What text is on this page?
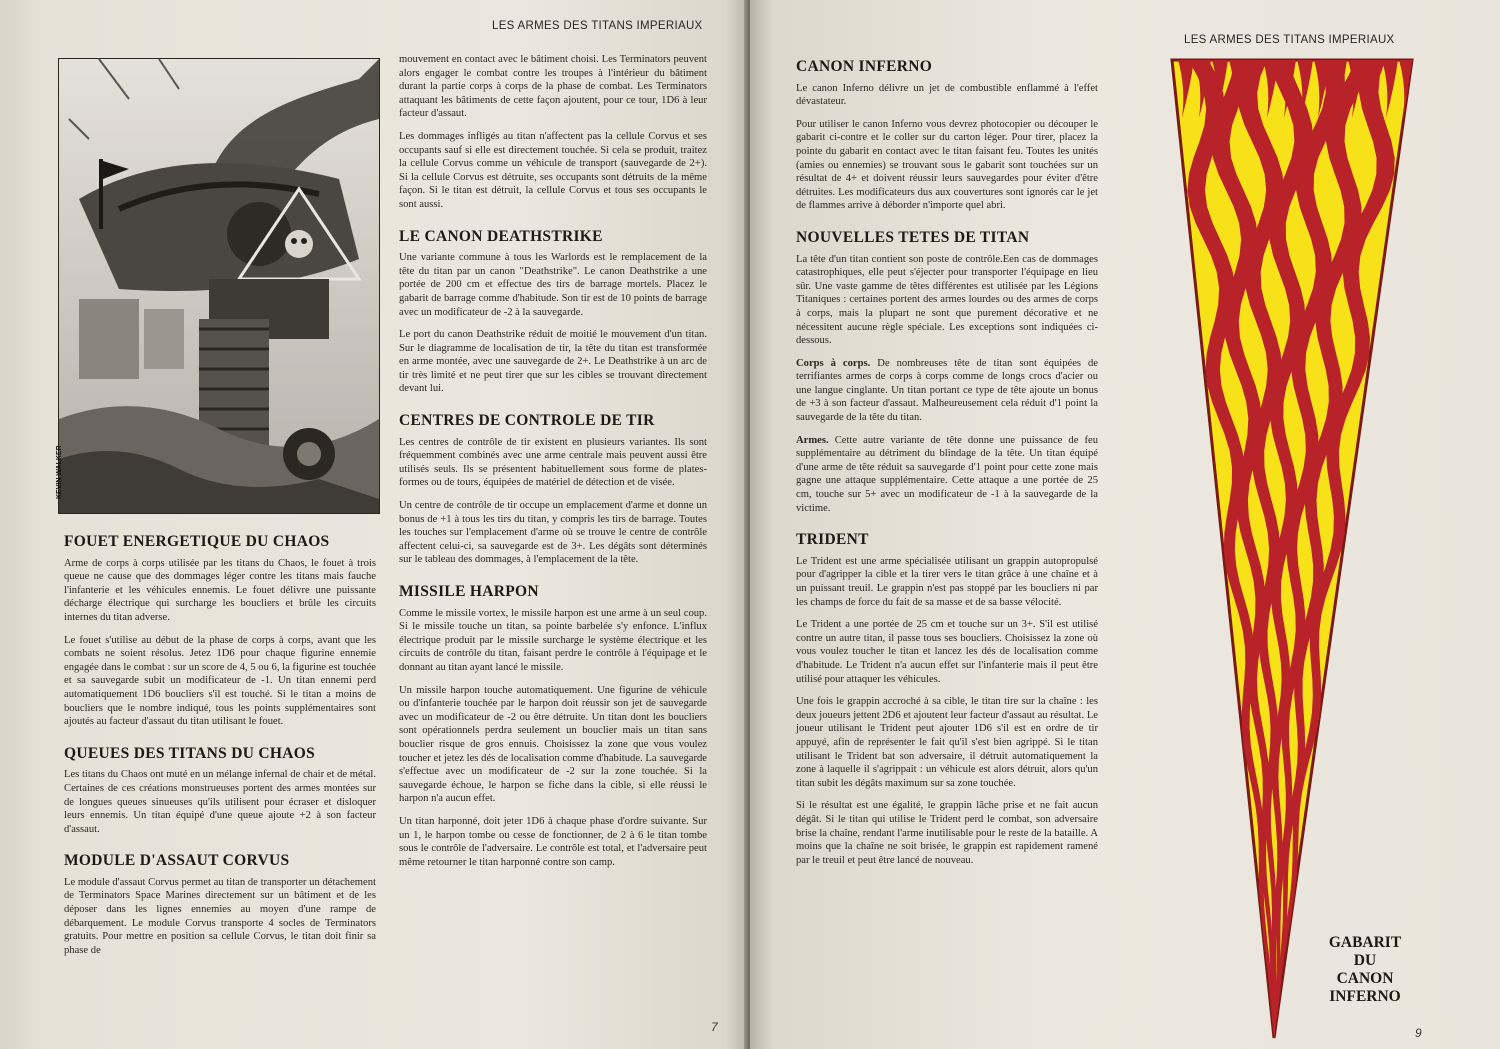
LES ARMES DES TITANS IMPERIAUX
KEVIN WALKER
FOUET ENERGETIQUE DU CHAOS

Arme de corps à corps utilisée par les titans du Chaos, le fouet à trois queue ne cause que des dommages léger contre les titans mais fauche l'infanterie et les véhicules ennemis. Le fouet délivre une puissante décharge électrique qui surcharge les boucliers et brûle les circuits internes du titan adverse.

Le fouet s'utilise au début de la phase de corps à corps, avant que les combats ne soient résolus. Jetez 1D6 pour chaque figurine ennemie engagée dans le combat : sur un score de 4, 5 ou 6, la figurine est touchée et sa sauvegarde subit un modificateur de -1. Un titan ennemi perd automatiquement 1D6 boucliers s'il est touché. Si le titan a moins de boucliers que le nombre indiqué, tous les points supplémentaires sont ajoutés au facteur d'assaut du titan utilisant le fouet.

QUEUES DES TITANS DU CHAOS

Les titans du Chaos ont muté en un mélange infernal de chair et de métal. Certaines de ces créations monstrueuses portent des armes montées sur de longues queues sinueuses qu'ils utilisent pour écraser et disloquer leurs ennemis. Un titan équipé d'une queue ajoute +2 à son facteur d'assaut.

MODULE D'ASSAUT CORVUS

Le module d'assaut Corvus permet au titan de transporter un détachement de Terminators Space Marines directement sur un bâtiment et de les déposer dans les lignes ennemies au moyen d'une rampe de débarquement. Le module Corvus transporte 4 socles de Terminators gratuits. Pour mettre en position sa cellule Corvus, le titan doit finir sa phase de

mouvement en contact avec le bâtiment choisi. Les Terminators peuvent alors engager le combat contre les troupes à l'intérieur du bâtiment durant la partie corps à corps de la phase de combat. Les Terminators attaquant les bâtiments de cette façon ajoutent, pour ce tour, 1D6 à leur facteur d'assaut.

Les dommages infligés au titan n'affectent pas la cellule Corvus et ses occupants sauf si elle est directement touchée. Si cela se produit, traitez la cellule Corvus comme un véhicule de transport (sauvegarde de 2+). Si la cellule Corvus est détruite, ses occupants sont détruits de la même façon. Si le titan est détruit, la cellule Corvus et tous ses occupants le sont aussi.

LE CANON DEATHSTRIKE

Une variante commune à tous les Warlords est le remplacement de la tête du titan par un canon "Deathstrike". Le canon Deathstrike a une portée de 200 cm et effectue des tirs de barrage mortels. Placez le gabarit de barrage comme d'habitude. Son tir est de 10 points de barrage avec un modificateur de -2 à la sauvegarde.

Le port du canon Deathstrike réduit de moitié le mouvement d'un titan. Sur le diagramme de localisation de tir, la tête du titan est transformée en arme montée, avec une sauvegarde de 2+. Le Deathstrike à un arc de tir très limité et ne peut tirer que sur les cibles se trouvant directement devant lui.

CENTRES DE CONTROLE DE TIR

Les centres de contrôle de tir existent en plusieurs variantes. Ils sont fréquemment combinés avec une arme centrale mais peuvent aussi être utilisés seuls. Ils se présentent habituellement sous forme de plates-formes ou de tours, équipées de matériel de détection et de visée.

Un centre de contrôle de tir occupe un emplacement d'arme et donne un bonus de +1 à tous les tirs du titan, y compris les tirs de barrage. Toutes les touches sur l'emplacement d'arme où se trouve le centre de contrôle affectent celui-ci, sa sauvegarde est de 3+. Les dégâts sont déterminés sur le tableau des dommages, à l'emplacement de la tête.

MISSILE HARPON

Comme le missile vortex, le missile harpon est une arme à un seul coup. Si le missile touche un titan, sa pointe barbelée s'y enfonce. L'influx électrique produit par le missile surcharge le système électrique et les circuits de contrôle du titan, faisant perdre le contrôle à l'équipage et le donnant au titan ayant lancé le missile.

Un missile harpon touche automatiquement. Une figurine de véhicule ou d'infanterie touchée par le harpon doit réussir son jet de sauvegarde avec un modificateur de -2 ou être détruite. Un titan dont les boucliers sont opérationnels perdra seulement un bouclier mais un titan sans bouclier risque de gros ennuis. Choisissez la zone que vous voulez toucher et jetez les dés de localisation comme d'habitude. La sauvegarde s'effectue avec un modificateur de -2 sur la zone touchée. Si la sauvegarde échoue, le harpon se fiche dans la cible, si elle réussi le harpon n'a aucun effet.

Un titan harponné, doit jeter 1D6 à chaque phase d'ordre suivante. Sur un 1, le harpon tombe ou cesse de fonctionner, de 2 à 6 le titan tombe sous le contrôle de l'adversaire. Le contrôle est total, et l'adversaire peut même retourner le titan harponné contre son camp.

7
LES ARMES DES TITANS IMPERIAUX
CANON INFERNO

Le canon Inferno délivre un jet de combustible enflammé à l'effet dévastateur.

Pour utiliser le canon Inferno vous devrez photocopier ou découper le gabarit ci-contre et le coller sur du carton léger. Pour tirer, placez la pointe du gabarit en contact avec le titan faisant feu. Toutes les unités (amies ou ennemies) se trouvant sous le gabarit sont touchées sur un résultat de 4+ et doivent réussir leurs sauvegardes pour éviter d'être détruites. Les modificateurs dus aux couvertures sont ignorés car le jet de flammes arrive à déborder n'importe quel abri.

NOUVELLES TETES DE TITAN

La tête d'un titan contient son poste de contrôle.Een cas de dommages catastrophiques, elle peut s'éjecter pour transporter l'équipage en lieu sûr. Une vaste gamme de têtes différentes est utilisée par les Légions Titaniques : certaines portent des armes lourdes ou des armes de corps à corps, mais la plupart ne sont que purement décorative et ne nécessitent aucune règle spéciale. Les exceptions sont indiquées ci-dessous.

Corps à corps. De nombreuses tête de titan sont équipées de terrifiantes armes de corps à corps comme de longs crocs d'acier ou une langue cinglante. Un titan portant ce type de tête ajoute un bonus de +3 à son facteur d'assaut. Malheureusement cela réduit d'1 point la sauvegarde de la tête du titan.

Armes. Cette autre variante de tête donne une puissance de feu supplémentaire au détriment du blindage de la tête. Un titan équipé d'une arme de tête réduit sa sauvegarde d'1 point pour cette zone mais gagne une attaque supplémentaire. Cette attaque a une portée de 25 cm, touche sur 5+ avec un modificateur de -1 à la sauvegarde de la victime.

TRIDENT

Le Trident est une arme spécialisée utilisant un grappin autopropulsé pour d'agripper la cible et la tirer vers le titan grâce à une chaîne et à un puissant treuil. Le grappin n'est pas stoppé par les boucliers ni par les champs de force du fait de sa masse et de sa basse vélocité.

Le Trident a une portée de 25 cm et touche sur un 3+. S'il est utilisé contre un autre titan, il passe tous ses boucliers. Choisissez la zone où vous voulez toucher le titan et lancez les dés de localisation comme d'habitude. Le Trident n'a aucun effet sur l'infanterie mais il peut être utilisé pour attaquer les véhicules.

Une fois le grappin accroché à sa cible, le titan tire sur la chaîne : les deux joueurs jettent 2D6 et ajoutent leur facteur d'assaut au résultat. Le joueur utilisant le Trident peut ajouter 1D6 s'il est en ordre de tir appuyé, afin de représenter le fait qu'il s'est bien agrippé. Si le titan utilisant le Trident bat son adversaire, il détruit automatiquement la zone à laquelle il s'agrippait : un véhicule est alors détruit, alors qu'un titan subit les dégâts maximum sur sa zone touchée.

Si le résultat est une égalité, le grappin lâche prise et ne fait aucun dégât. Si le titan qui utilise le Trident perd le combat, son adversaire brise la chaîne, rendant l'arme inutilisable pour le reste de la bataille. A moins que la chaîne ne soit brisée, le grappin est rapidement ramené par le treuil et peut être lancé de nouveau.

9
GABARIT
DU
CANON
INFERNO
